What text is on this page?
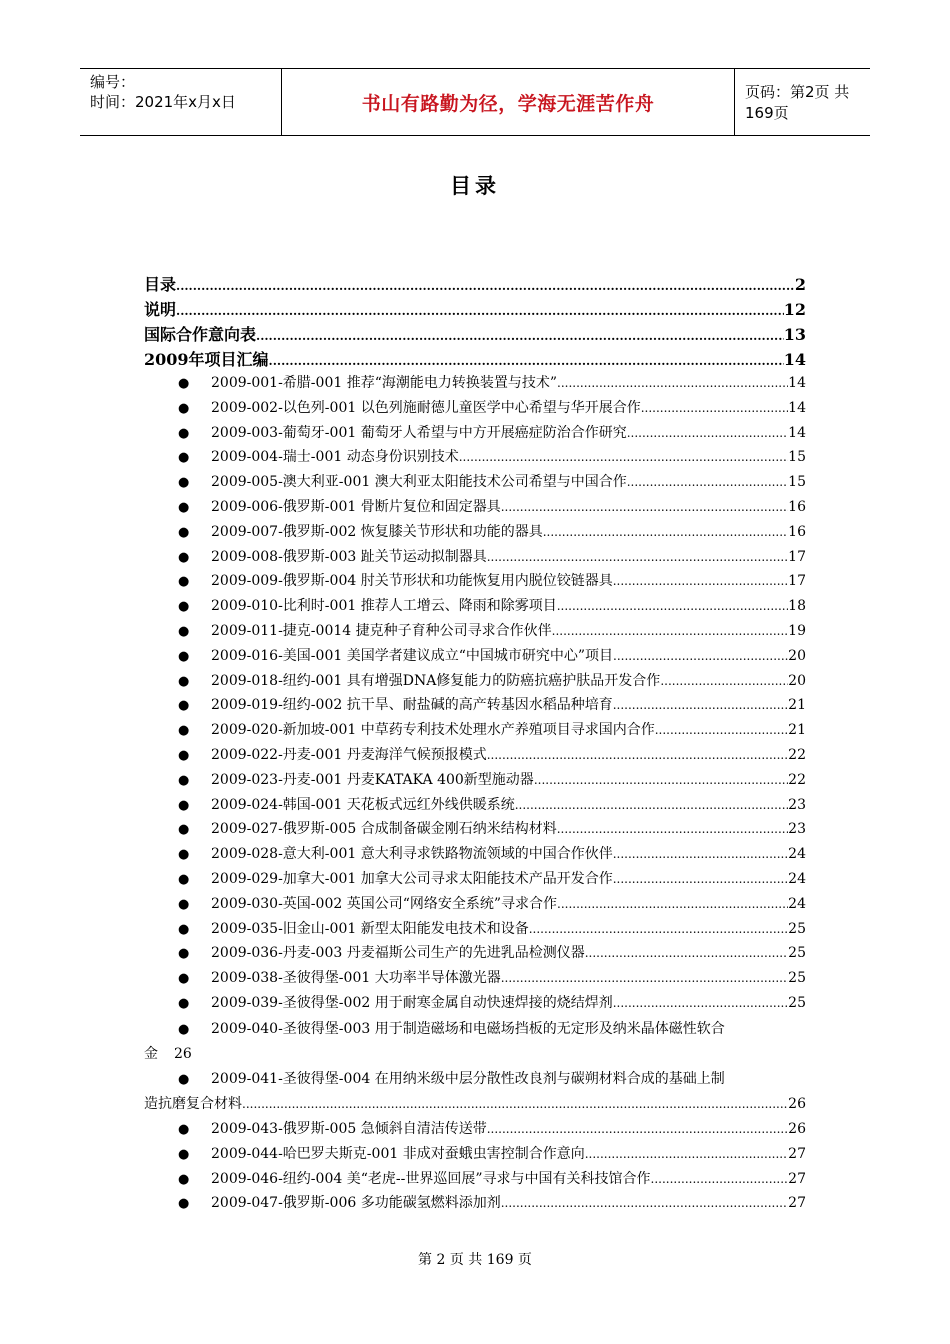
编号：
时间：2021年x月x日	书山有路勤为径，学海无涯苦作舟
页码：第2页 共169页
目录
目录 .....	2
说明 .....	12
国际合作意向表 .....	13
2009年项目汇编 .....	14
●	2009-001-希腊-001 推荐“海潮能电力转换装置与技术” .....	14
●	2009-002-以色列-001 以色列施耐德儿童医学中心希望与华开展合作 .....	14
●	2009-003-葡萄牙-001 葡萄牙人希望与中方开展癌症防治合作研究 .....	14
●	2009-004-瑞士-001 动态身份识别技术 .....	15
●	2009-005-澳大利亚-001 澳大利亚太阳能技术公司希望与中国合作 .....	15
●	2009-006-俄罗斯-001 骨断片复位和固定器具 .....	16
●	2009-007-俄罗斯-002 恢复膝关节形状和功能的器具 .....	16
●	2009-008-俄罗斯-003 趾关节运动拟制器具 .....	17
●	2009-009-俄罗斯-004 肘关节形状和功能恢复用内脱位铰链器具 .....	17
●	2009-010-比利时-001 推荐人工增云、降雨和除雾项目 .....	18
●	2009-011-捷克-0014 捷克种子育种公司寻求合作伙伴 .....	19
●	2009-016-美国-001 美国学者建议成立“中国城市研究中心”项目 .....	20
●	2009-018-纽约-001 具有增强DNA修复能力的防癌抗癌护肤品开发合作 .....	20
●	2009-019-纽约-002 抗干旱、耐盐碱的高产转基因水稻品种培育 .....	21
●	2009-020-新加坡-001 中草药专利技术处理水产养殖项目寻求国内合作 .....	21
●	2009-022-丹麦-001 丹麦海洋气候预报模式 .....	22
●	2009-023-丹麦-001 丹麦KATAKA 400新型施动器 .....	22
●	2009-024-韩国-001 天花板式远红外线供暖系统 .....	23
●	2009-027-俄罗斯-005 合成制备碳金刚石纳米结构材料 .....	23
●	2009-028-意大利-001 意大利寻求铁路物流领域的中国合作伙伴 .....	24
●	2009-029-加拿大-001 加拿大公司寻求太阳能技术产品开发合作 .....	24
●	2009-030-英国-002 英国公司“网络安全系统”寻求合作 .....	24
●	2009-035-旧金山-001 新型太阳能发电技术和设备 .....	25
●	2009-036-丹麦-003 丹麦福斯公司生产的先进乳品检测仪器 .....	25
●	2009-038-圣彼得堡-001 大功率半导体激光器 .....	25
●	2009-039-圣彼得堡-002 用于耐寒金属自动快速焊接的烧结焊剂 .....	25
● 2009-040-圣彼得堡-003 用于制造磁场和电磁场挡板的无定形及纳米晶体磁性软合
金 26
● 2009-041-圣彼得堡-004 在用纳米级中层分散性改良剂与碳朔材料合成的基础上制
造抗磨复合材料 .....	26
●	2009-043-俄罗斯-005 急倾斜自清洁传送带 .....	26
●	2009-044-哈巴罗夫斯克-001 非成对蚕蛾虫害控制合作意向 .....	27
●	2009-046-纽约-004 美“老虎--世界巡回展”寻求与中国有关科技馆合作 .....	27
●	2009-047-俄罗斯-006 多功能碳氢燃料添加剂 .....	27
第 2 页 共 169 页
